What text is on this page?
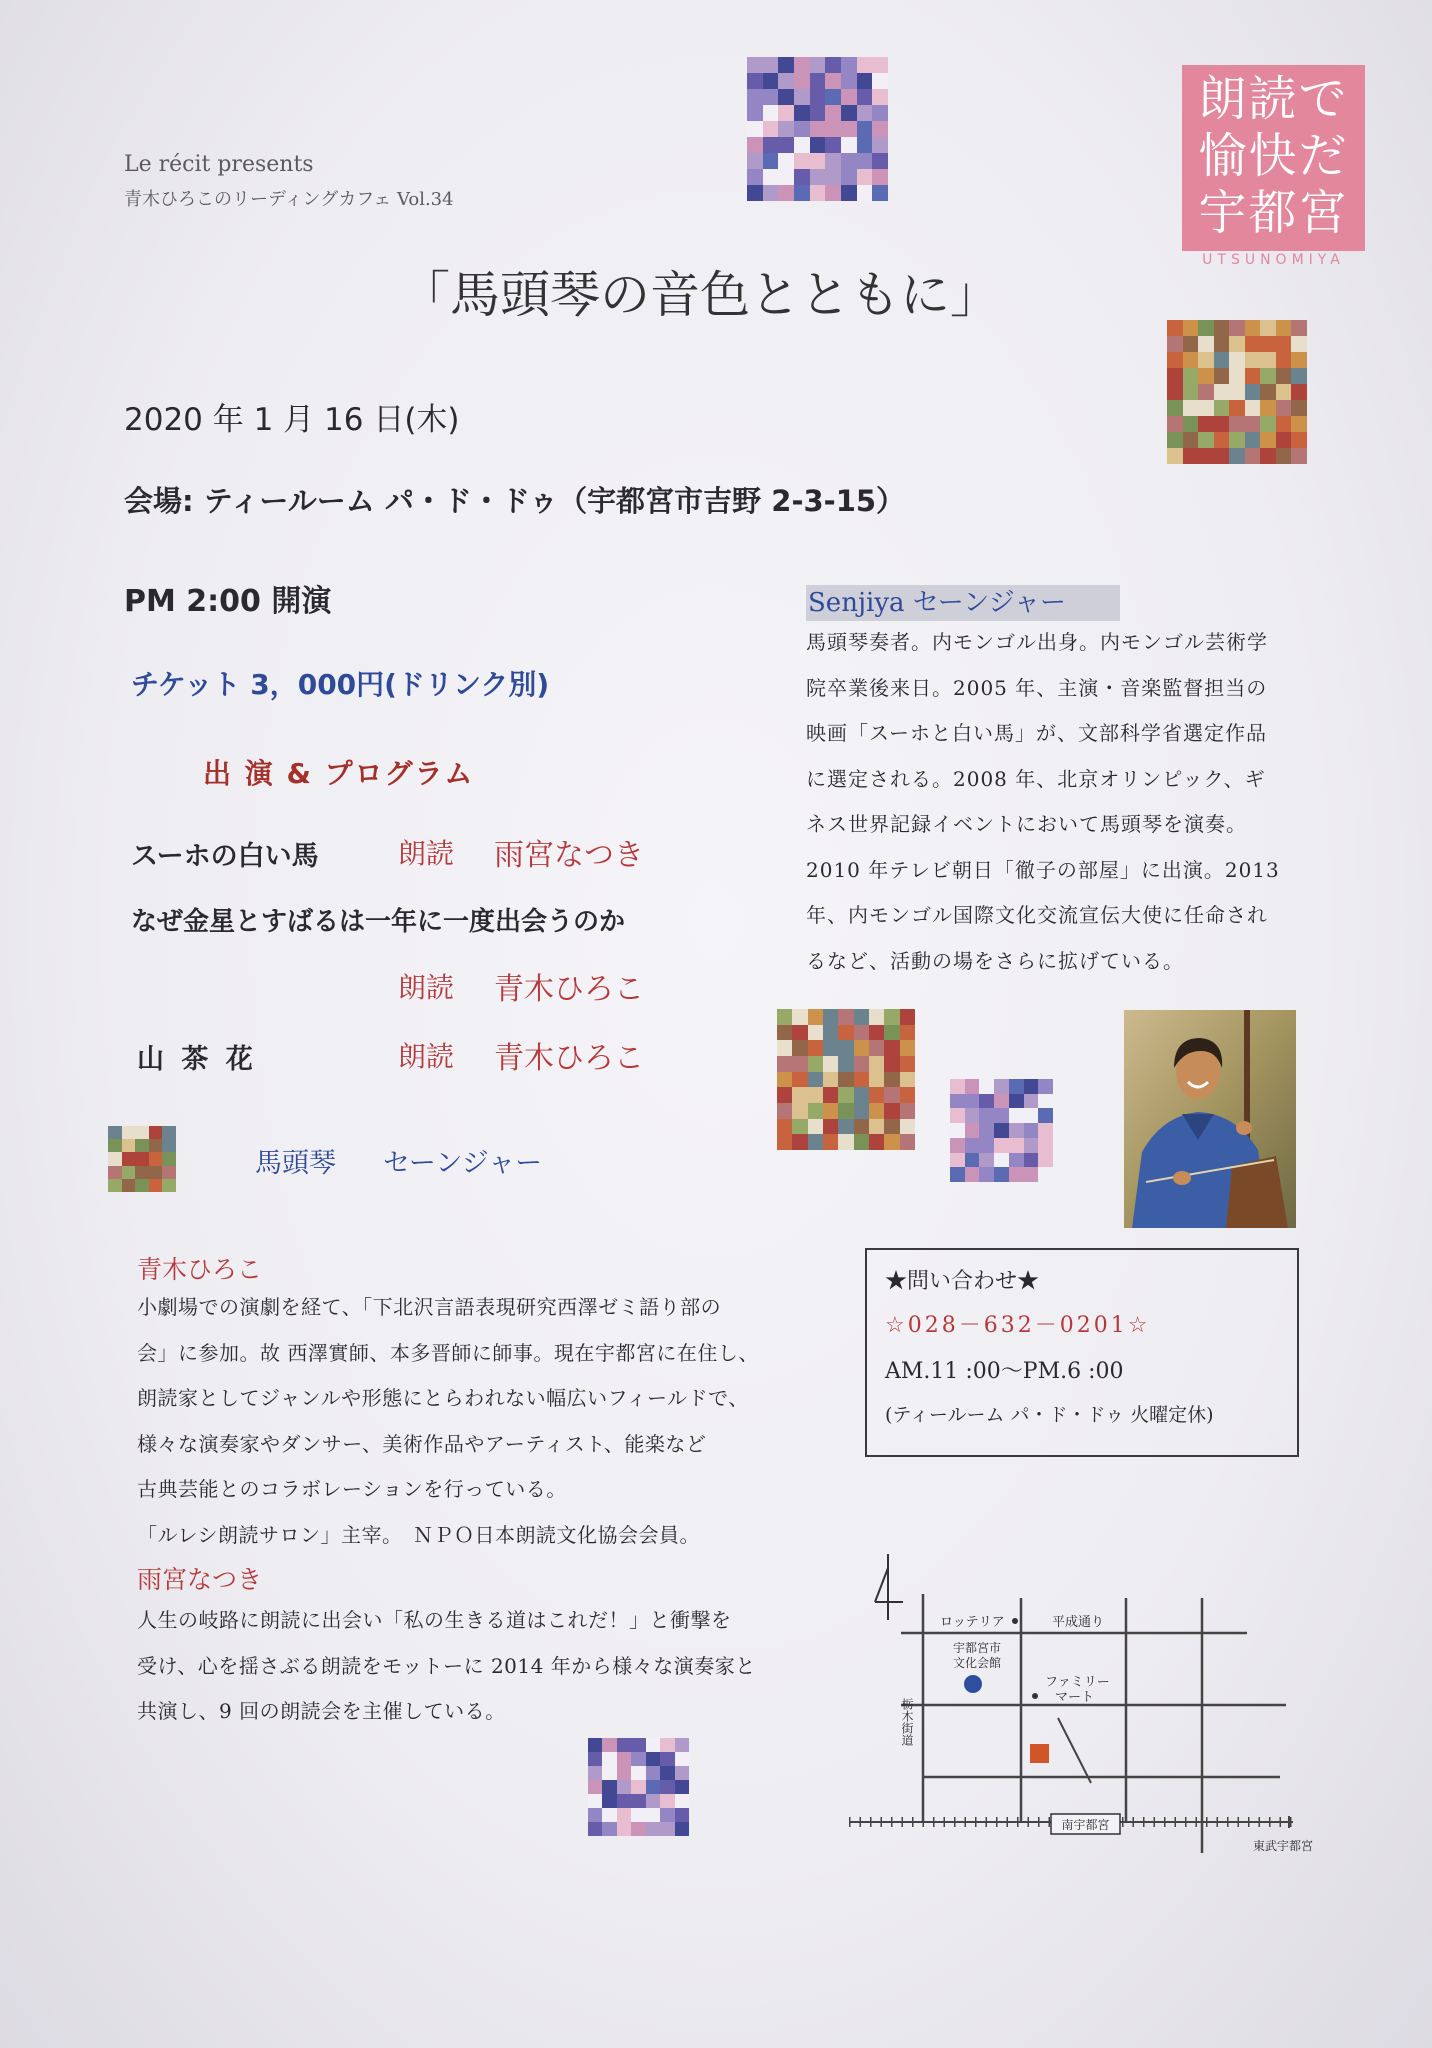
朗読で
愉快だ
宇都宮
UTSUNOMIYA
Le récit presents
青木ひろこのリーディングカフェ Vol.34
「馬頭琴の音色とともに」
2020 年 1 月 16 日(木)
会場: ティールーム パ・ド・ドゥ（宇都宮市吉野 2-3-15）
PM 2:00 開演
チケット 3，000円(ドリンク別)
出 演 & プログラム
スーホの白い馬	朗読 雨宮なつき
なぜ金星とすばるは一年に一度出会うのか
朗読 青木ひろこ
山 茶 花	朗読 青木ひろこ
馬頭琴 セーンジャー
Senjiya セーンジャー
馬頭琴奏者。内モンゴル出身。内モンゴル芸術学
院卒業後来日。2005 年、主演・音楽監督担当の
映画「スーホと白い馬」が、文部科学省選定作品
に選定される。2008 年、北京オリンピック、ギ
ネス世界記録イベントにおいて馬頭琴を演奏。
2010 年テレビ朝日「徹子の部屋」に出演。2013
年、内モンゴル国際文化交流宣伝大使に任命され
るなど、活動の場をさらに拡げている。
★問い合わせ★
☆028－632－0201☆
AM.11 :00～PM.6 :00
(ティールーム パ・ド・ドゥ 火曜定休)
青木ひろこ
小劇場での演劇を経て、「下北沢言語表現研究西澤ゼミ語り部の
会」に参加。故 西澤實師、本多晋師に師事。現在宇都宮に在住し、
朗読家としてジャンルや形態にとらわれない幅広いフィールドで、
様々な演奏家やダンサー、美術作品やアーティスト、能楽など
古典芸能とのコラボレーションを行っている。
「ルレシ朗読サロン」主宰。　ＮＰＯ日本朗読文化協会会員。
雨宮なつき
人生の岐路に朗読に出会い「私の生きる道はこれだ！」と衝撃を
受け、心を揺さぶる朗読をモットーに 2014 年から様々な演奏家と
共演し、9 回の朗読会を主催している。
ロッテリア	平成通り
宇都宮市
文化会館
ファミリー
マート
栃木街道
南宇都宮
東武宇都宮
